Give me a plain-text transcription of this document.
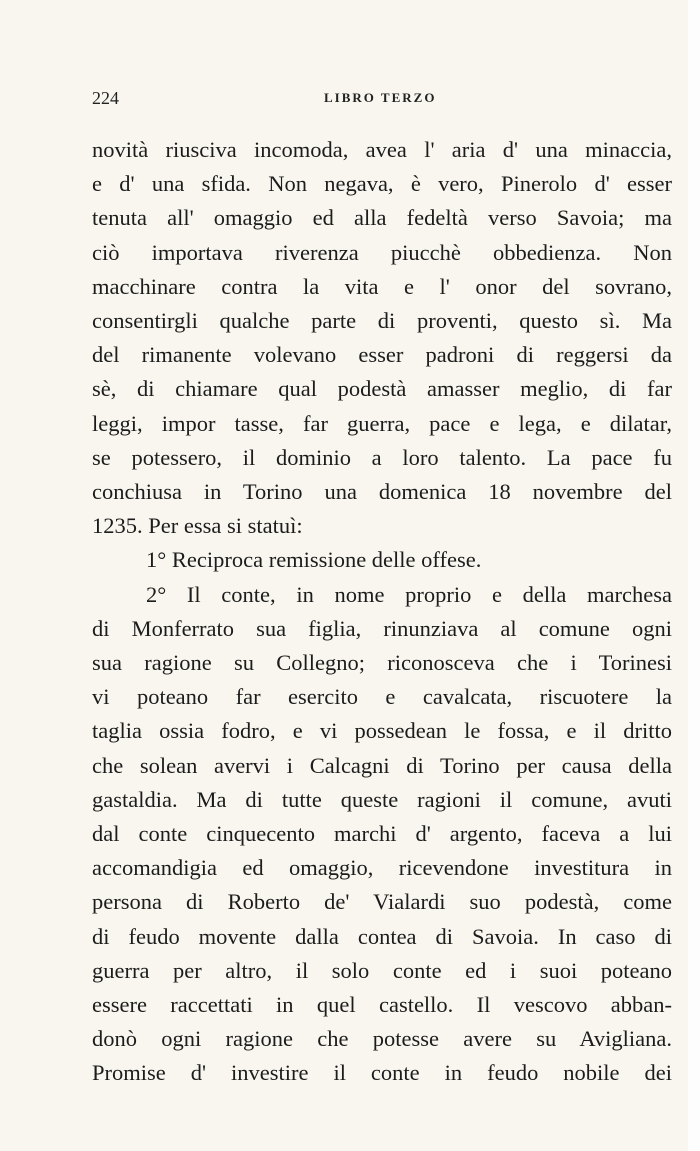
224	LIBRO TERZO
novità riusciva incomoda, avea l' aria d' una minaccia,
e d' una sfida. Non negava, è vero, Pinerolo d' esser
tenuta all' omaggio ed alla fedeltà verso Savoia; ma
ciò importava riverenza piucchè obbedienza. Non
macchinare contra la vita e l' onor del sovrano,
consentirgli qualche parte di proventi, questo sì. Ma
del rimanente volevano esser padroni di reggersi da
sè, di chiamare qual podestà amasser meglio, di far
leggi, impor tasse, far guerra, pace e lega, e dilatar,
se potessero, il dominio a loro talento. La pace fu
conchiusa in Torino una domenica 18 novembre del
1235. Per essa si statuì:
1° Reciproca remissione delle offese.
2° Il conte, in nome proprio e della marchesa
di Monferrato sua figlia, rinunziava al comune ogni
sua ragione su Collegno; riconosceva che i Torinesi
vi poteano far esercito e cavalcata, riscuotere la
taglia ossia fodro, e vi possedean le fossa, e il dritto
che solean avervi i Calcagni di Torino per causa della
gastaldia. Ma di tutte queste ragioni il comune, avuti
dal conte cinquecento marchi d' argento, faceva a lui
accomandigia ed omaggio, ricevendone investitura in
persona di Roberto de' Vialardi suo podestà, come
di feudo movente dalla contea di Savoia. In caso di
guerra per altro, il solo conte ed i suoi poteano
essere raccettati in quel castello. Il vescovo abban-
donò ogni ragione che potesse avere su Avigliana.
Promise d' investire il conte in feudo nobile dei
